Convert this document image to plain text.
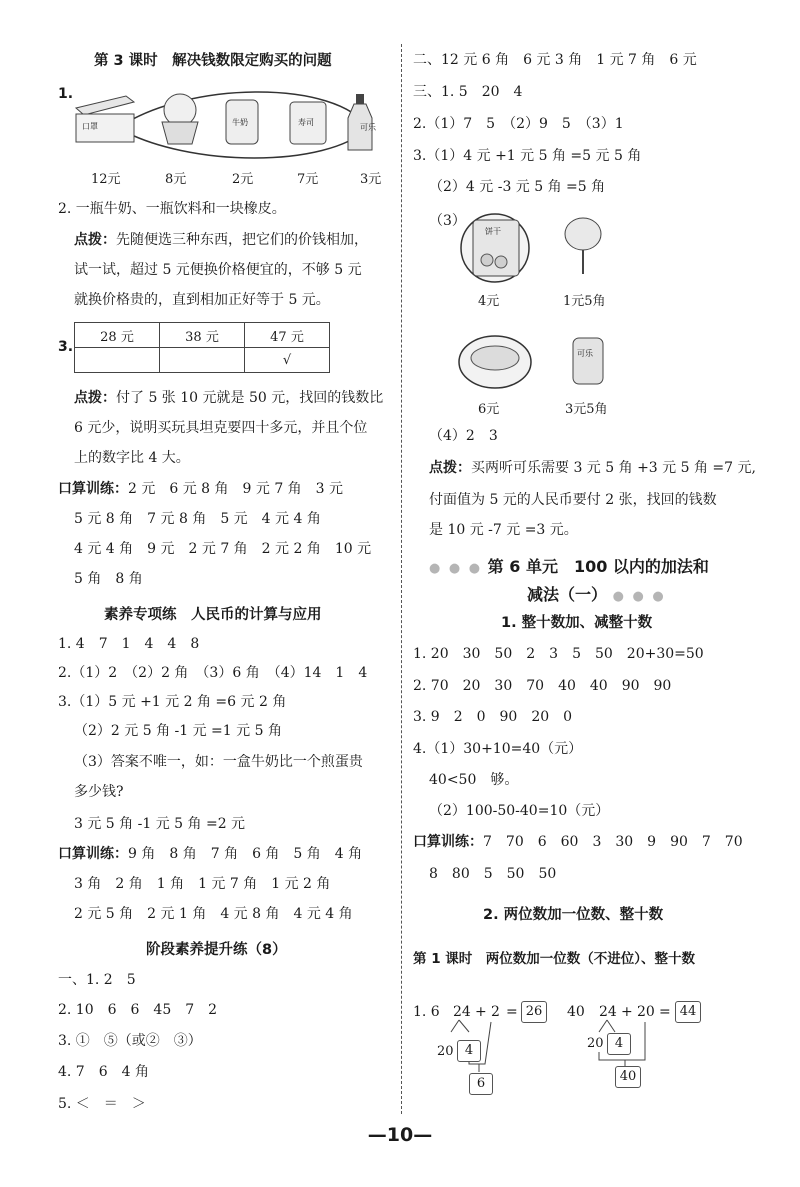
第 3 课时　解决钱数限定购买的问题
1.
口罩	牛奶	寿司
可乐
12元	8元	2元	7元	3元
2. 一瓶牛奶、一瓶饮料和一块橡皮。
点拨：先随便选三种东西，把它们的价钱相加，
试一试，超过 5 元便换价格便宜的，不够 5 元
就换价格贵的，直到相加正好等于 5 元。
3.
28 元	38 元	47 元
		√
点拨：付了 5 张 10 元就是 50 元，找回的钱数比
6 元少，说明买玩具坦克要四十多元，并且个位
上的数字比 4 大。
口算训练：2 元　6 元 8 角　9 元 7 角　3 元
5 元 8 角　7 元 8 角　5 元　4 元 4 角
4 元 4 角　9 元　2 元 7 角　2 元 2 角　10 元
5 角　8 角
素养专项练　人民币的计算与应用
1. 4　7　1　4　4　8
2.（1）2　（2）2 角　（3）6 角　（4）14　1　4
3.（1）5 元 +1 元 2 角 =6 元 2 角
（2）2 元 5 角 -1 元 =1 元 5 角
（3）答案不唯一，如：一盒牛奶比一个煎蛋贵
多少钱?
3 元 5 角 -1 元 5 角 =2 元
口算训练：9 角　8 角　7 角　6 角　5 角　4 角
3 角　2 角　1 角　1 元 7 角　1 元 2 角
2 元 5 角　2 元 1 角　4 元 8 角　4 元 4 角
阶段素养提升练（8）
一、1. 2　5
2. 10　6　6　45　7　2
3. ①　⑤（或②　③）
4. 7　6　4 角
5. ＜　＝　＞
二、12 元 6 角　6 元 3 角　1 元 7 角　6 元
三、1. 5　20　4
2.（1）7　5　（2）9　5　（3）1
3.（1）4 元 +1 元 5 角 =5 元 5 角
（2）4 元 -3 元 5 角 =5 角
（3）
饼干
可乐
4元	1元5角
6元	3元5角
（4）2　3
点拨：买两听可乐需要 3 元 5 角 +3 元 5 角 =7 元,
付面值为 5 元的人民币要付 2 张，找回的钱数
是 10 元 -7 元 =3 元。
● ● ● 第 6 单元　100 以内的加法和
减法（一） ● ● ●
1. 整十数加、减整十数
1. 20　30　50　2　3　5　50　20+30=50
2. 70　20　30　70　40　40　90　90
3. 9　2　0　90　20　0
4.（1）30+10=40（元）
40<50　够。
（2）100-50-40=10（元）
口算训练：7　70　6　60　3　30　9　90　7　70
8　80　5　50　50
2. 两位数加一位数、整十数
第 1 课时　两位数加一位数（不进位）、整十数
1. 6 24 + 2 = 26
20 4
6
40 24 + 20 = 44
20 4
40
—10—
